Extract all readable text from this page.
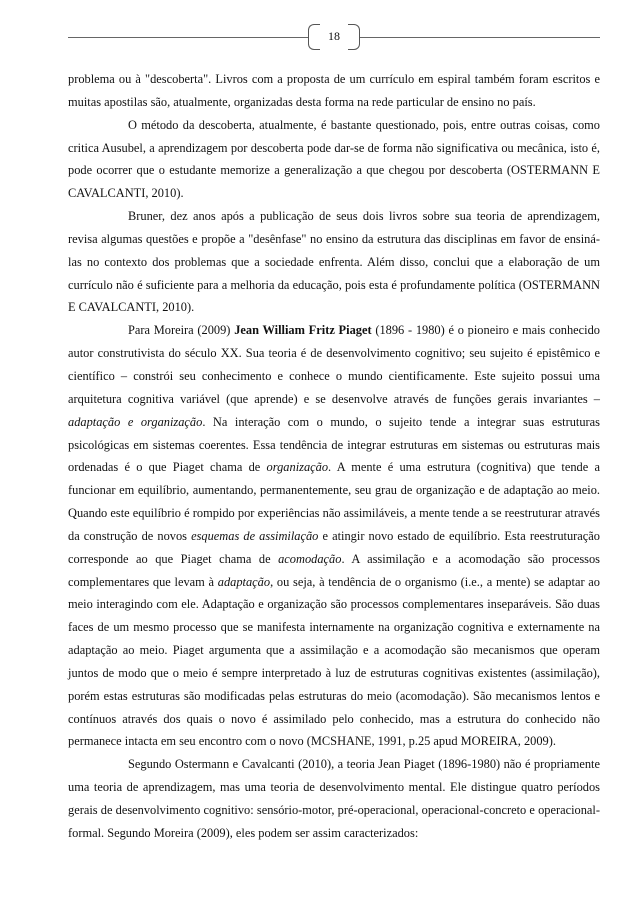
18

problema ou à "descoberta". Livros com a proposta de um currículo em espiral também foram escritos e muitas apostilas são, atualmente, organizadas desta forma na rede particular de ensino no país.

O método da descoberta, atualmente, é bastante questionado, pois, entre outras coisas, como critica Ausubel, a aprendizagem por descoberta pode dar-se de forma não significativa ou mecânica, isto é, pode ocorrer que o estudante memorize a generalização a que chegou por descoberta (OSTERMANN E CAVALCANTI, 2010).

Bruner, dez anos após a publicação de seus dois livros sobre sua teoria de aprendizagem, revisa algumas questões e propõe a "desênfase" no ensino da estrutura das disciplinas em favor de ensiná-las no contexto dos problemas que a sociedade enfrenta. Além disso, conclui que a elaboração de um currículo não é suficiente para a melhoria da educação, pois esta é profundamente política (OSTERMANN E CAVALCANTI, 2010).

Para Moreira (2009) Jean William Fritz Piaget (1896 - 1980) é o pioneiro e mais conhecido autor construtivista do século XX. Sua teoria é de desenvolvimento cognitivo; seu sujeito é epistêmico e científico – constrói seu conhecimento e conhece o mundo cientificamente. Este sujeito possui uma arquitetura cognitiva variável (que aprende) e se desenvolve através de funções gerais invariantes – adaptação e organização. Na interação com o mundo, o sujeito tende a integrar suas estruturas psicológicas em sistemas coerentes. Essa tendência de integrar estruturas em sistemas ou estruturas mais ordenadas é o que Piaget chama de organização. A mente é uma estrutura (cognitiva) que tende a funcionar em equilíbrio, aumentando, permanentemente, seu grau de organização e de adaptação ao meio. Quando este equilíbrio é rompido por experiências não assimiláveis, a mente tende a se reestruturar através da construção de novos esquemas de assimilação e atingir novo estado de equilíbrio. Esta reestruturação corresponde ao que Piaget chama de acomodação. A assimilação e a acomodação são processos complementares que levam à adaptação, ou seja, à tendência de o organismo (i.e., a mente) se adaptar ao meio interagindo com ele. Adaptação e organização são processos complementares inseparáveis. São duas faces de um mesmo processo que se manifesta internamente na organização cognitiva e externamente na adaptação ao meio. Piaget argumenta que a assimilação e a acomodação são mecanismos que operam juntos de modo que o meio é sempre interpretado à luz de estruturas cognitivas existentes (assimilação), porém estas estruturas são modificadas pelas estruturas do meio (acomodação). São mecanismos lentos e contínuos através dos quais o novo é assimilado pelo conhecido, mas a estrutura do conhecido não permanece intacta em seu encontro com o novo (MCSHANE, 1991, p.25 apud MOREIRA, 2009).

Segundo Ostermann e Cavalcanti (2010), a teoria Jean Piaget (1896-1980) não é propriamente uma teoria de aprendizagem, mas uma teoria de desenvolvimento mental. Ele distingue quatro períodos gerais de desenvolvimento cognitivo: sensório-motor, pré-operacional, operacional-concreto e operacional-formal. Segundo Moreira (2009), eles podem ser assim caracterizados:
